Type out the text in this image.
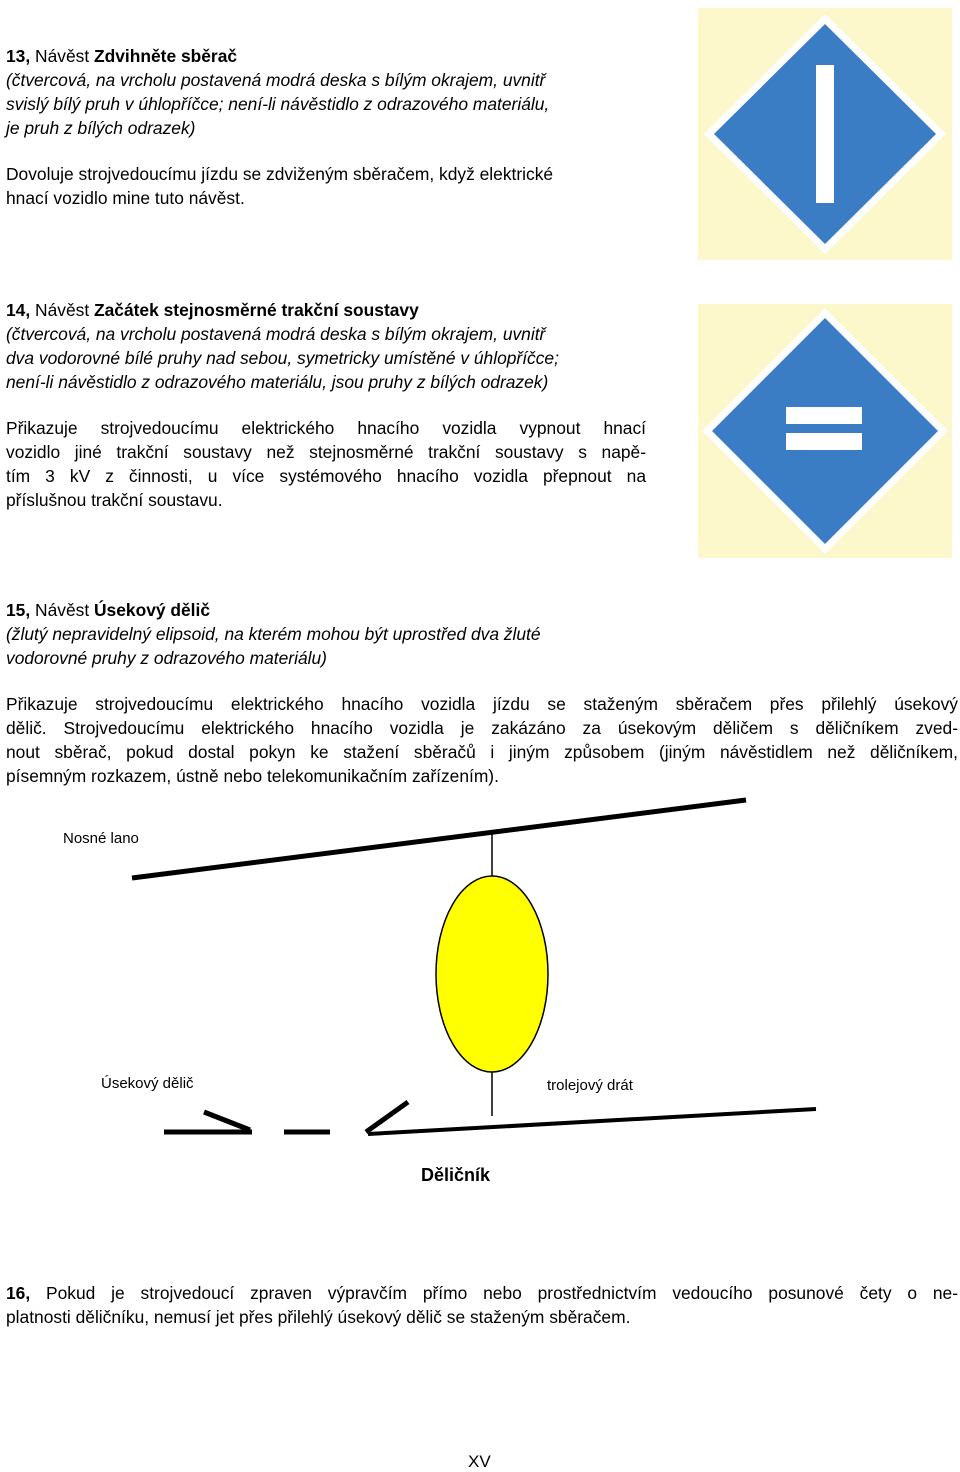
13, Návěst Zdvihněte sběrač

(čtvercová, na vrcholu postavená modrá deska s bílým okrajem, uvnitř

svislý bílý pruh v úhlopříčce; není-li návěstidlo z odrazového materiálu,

je pruh z bílých odrazek)

Dovoluje strojvedoucímu jízdu se zdviženým sběračem, když elektrické

hnací vozidlo mine tuto návěst.

14, Návěst Začátek stejnosměrné trakční soustavy

(čtvercová, na vrcholu postavená modrá deska s bílým okrajem, uvnitř

dva vodorovné bílé pruhy nad sebou, symetricky umístěné v úhlopříčce;

není-li návěstidlo z odrazového materiálu, jsou pruhy z bílých odrazek)

Přikazuje strojvedoucímu elektrického hnacího vozidla vypnout hnací

vozidlo jiné trakční soustavy než stejnosměrné trakční soustavy s napě-

tím 3 kV z činnosti, u více systémového hnacího vozidla přepnout na

příslušnou trakční soustavu.

15, Návěst Úsekový dělič

(žlutý nepravidelný elipsoid, na kterém mohou být uprostřed dva žluté

vodorovné pruhy z odrazového materiálu)

Přikazuje strojvedoucímu elektrického hnacího vozidla jízdu se staženým sběračem přes přilehlý úsekový

dělič. Strojvedoucímu elektrického hnacího vozidla je zakázáno za úsekovým děličem s děličníkem zved-

nout sběrač, pokud dostal pokyn ke stažení sběračů i jiným způsobem (jiným návěstidlem než děličníkem,

písemným rozkazem, ústně nebo telekomunikačním zařízením).

Nosné lano
Úsekový dělič	trolejový drát
Děličník

16, Pokud je strojvedoucí zpraven výpravčím přímo nebo prostřednictvím vedoucího posunové čety o ne-

platnosti děličníku, nemusí jet přes přilehlý úsekový dělič se staženým sběračem.

XV
